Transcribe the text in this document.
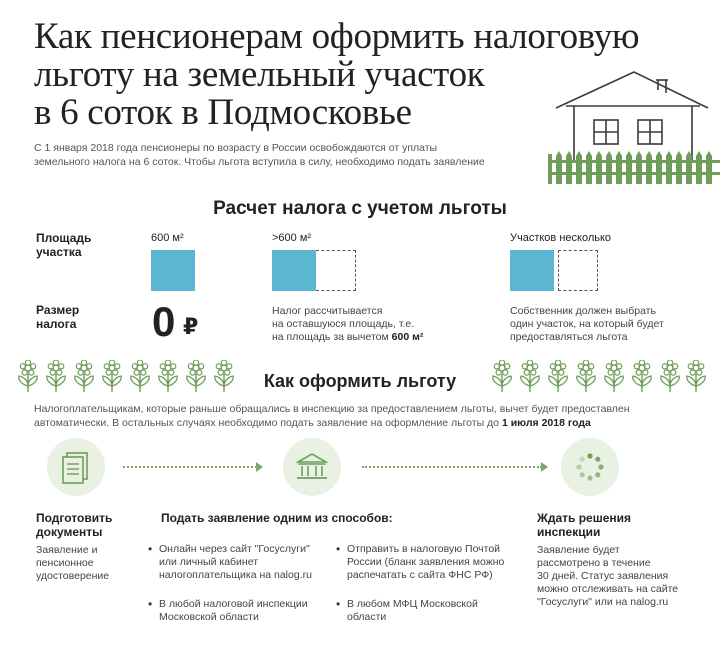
Как пенсионерам оформить налоговую
льготу на земельный участок
в 6 соток в Подмосковье
С 1 января 2018 года пенсионеры по возрасту в России освобождаются от уплаты
земельного налога на 6 соток. Чтобы льгота вступила в силу, необходимо подать заявление
Расчет налога с учетом льготы
Площадь
участка
Размер
налога
600 м²	>600 м²	Участков несколько
0 ₽
Налог рассчитывается
на оставшуюся площадь, т.е.
на площадь за вычетом 600 м²
Собственник должен выбрать
один участок, на который будет
предоставляться льгота
Как оформить льготу
Налогоплательщикам, которые раньше обращались в инспекцию за предоставлением льготы, вычет будет предоставлен
автоматически. В остальных случаях необходимо подать заявление на оформление льготы до 1 июля 2018 года
Подготовить
документы
Заявление и
пенсионное
удостоверение
Подать заявление одним из способов:
• Онлайн через сайт "Госуслуги"
или личный кабинет
налогоплательщика на nalog.ru
• Отправить в налоговую Почтой
России (бланк заявления можно
распечатать с сайта ФНС РФ)
• В любой налоговой инспекции
Московской области
• В любом МФЦ Московской
области
Ждать решения
инспекции
Заявление будет
рассмотрено в течение
30 дней. Статус заявления
можно отслеживать на сайте
"Госуслуги" или на nalog.ru
